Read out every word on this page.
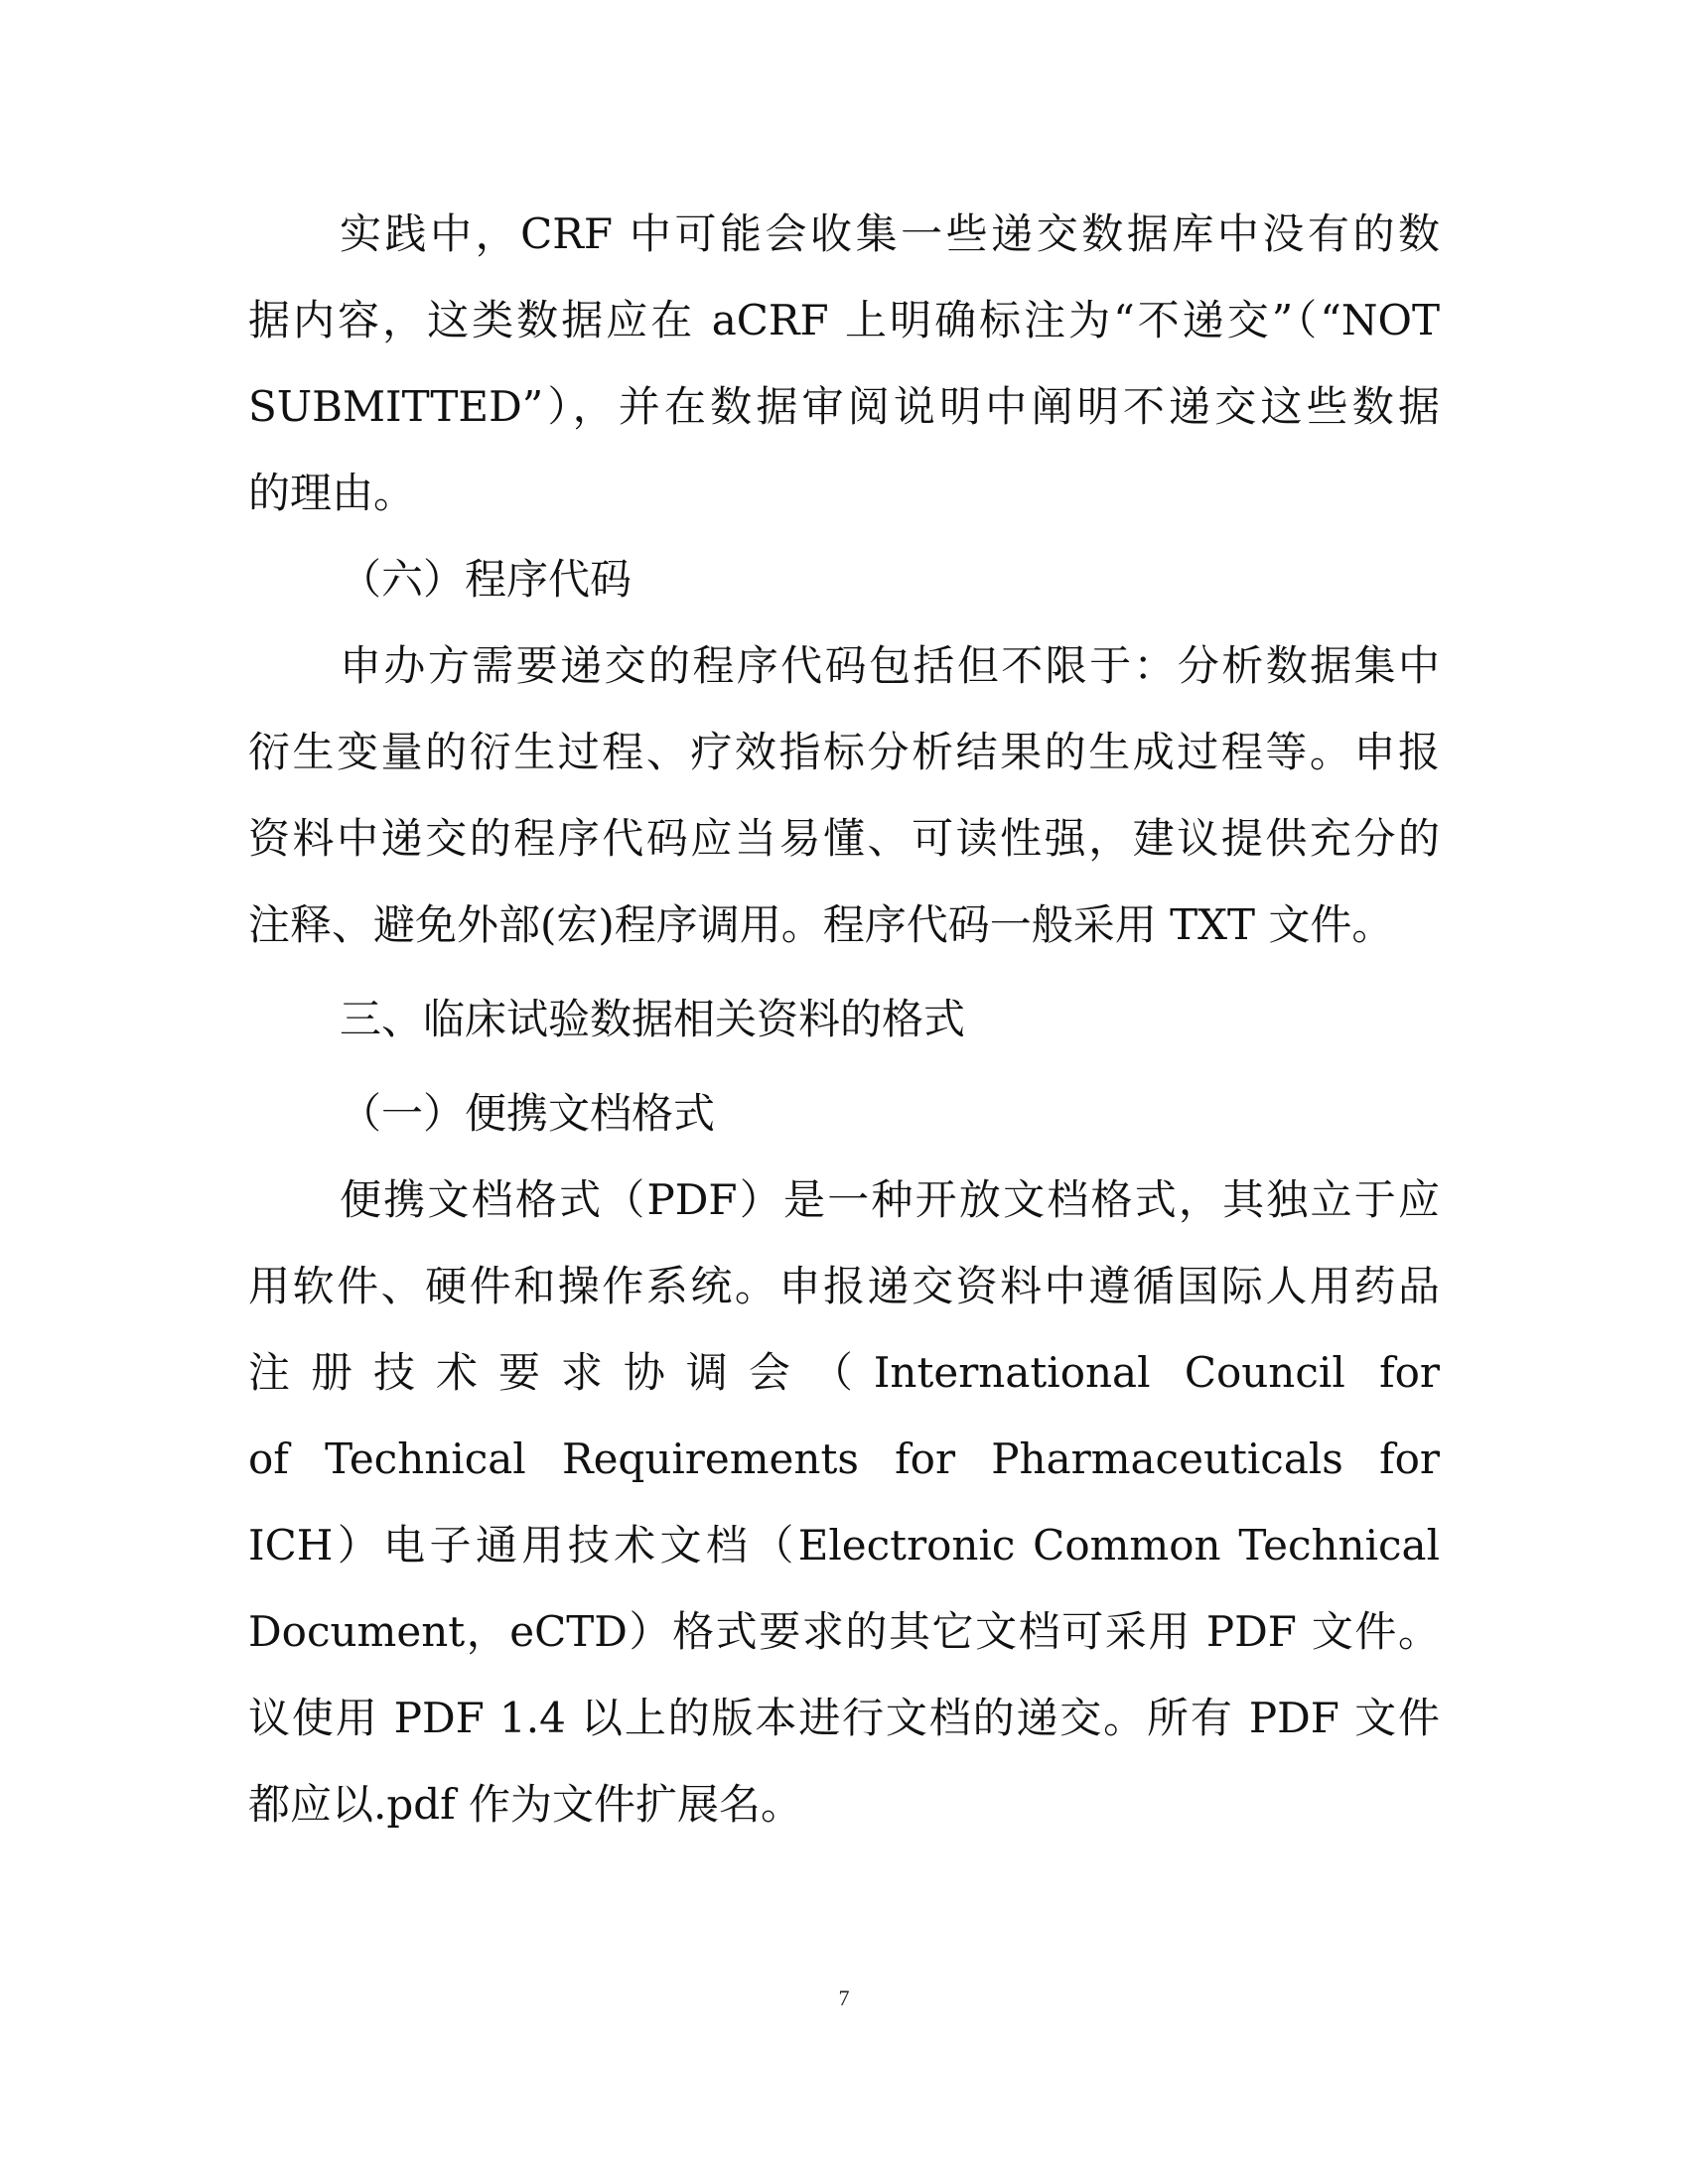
实践中，CRF 中可能会收集一些递交数据库中没有的数
据内容，这类数据应在 aCRF 上明确标注为“不递交”（“NOT
SUBMITTED”），并在数据审阅说明中阐明不递交这些数据
的理由。
（六）程序代码
申办方需要递交的程序代码包括但不限于：分析数据集中
衍生变量的衍生过程、疗效指标分析结果的生成过程等。申报
资料中递交的程序代码应当易懂、可读性强，建议提供充分的
注释、避免外部(宏)程序调用。程序代码一般采用 TXT 文件。
三、临床试验数据相关资料的格式
（一）便携文档格式
便携文档格式（PDF）是一种开放文档格式，其独立于应
用软件、硬件和操作系统。申报递交资料中遵循国际人用药品
注册技术要求协调会（International Council for
of Technical Requirements for Pharmaceuticals for
ICH）电子通用技术文档（Electronic Common Technical
Document，eCTD）格式要求的其它文档可采用 PDF 文件。
议使用 PDF 1.4 以上的版本进行文档的递交。所有 PDF 文件
都应以.pdf 作为文件扩展名。
7
